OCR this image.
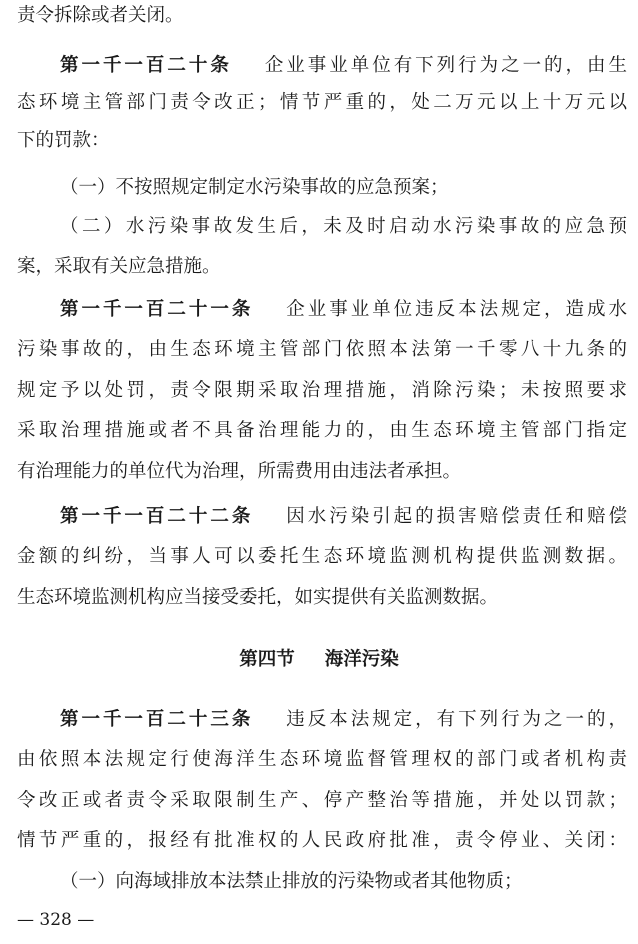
责令拆除或者关闭。
第一千一百二十条 企业事业单位有下列行为之一的，由生
态环境主管部门责令改正；情节严重的，处二万元以上十万元以
下的罚款：
（一）不按照规定制定水污染事故的应急预案；
（二）水污染事故发生后，未及时启动水污染事故的应急预
案，采取有关应急措施。
第一千一百二十一条 企业事业单位违反本法规定，造成水
污染事故的，由生态环境主管部门依照本法第一千零八十九条的
规定予以处罚，责令限期采取治理措施，消除污染；未按照要求
采取治理措施或者不具备治理能力的，由生态环境主管部门指定
有治理能力的单位代为治理，所需费用由违法者承担。
第一千一百二十二条 因水污染引起的损害赔偿责任和赔偿
金额的纠纷，当事人可以委托生态环境监测机构提供监测数据。
生态环境监测机构应当接受委托，如实提供有关监测数据。
第四节 海洋污染
第一千一百二十三条 违反本法规定，有下列行为之一的，
由依照本法规定行使海洋生态环境监督管理权的部门或者机构责
令改正或者责令采取限制生产、停产整治等措施，并处以罚款；
情节严重的，报经有批准权的人民政府批准，责令停业、关闭：
（一）向海域排放本法禁止排放的污染物或者其他物质；
— 328 —
